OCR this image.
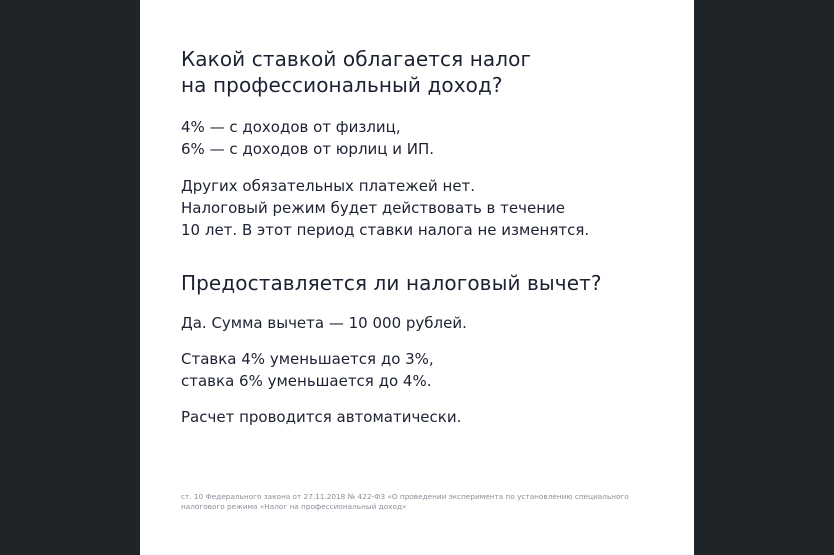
Какой ставкой облагается налог
на профессиональный доход?

4% — с доходов от физлиц,
6% — с доходов от юрлиц и ИП.

Других обязательных платежей нет.
Налоговый режим будет действовать в течение
10 лет. В этот период ставки налога не изменятся.

Предоставляется ли налоговый вычет?

Да. Сумма вычета — 10 000 рублей.

Ставка 4% уменьшается до 3%,
ставка 6% уменьшается до 4%.

Расчет проводится автоматически.

ст. 10 Федерального закона от 27.11.2018 № 422-ФЗ «О проведении эксперимента по установлению специального
налогового режима «Налог на профессиональный доход»
